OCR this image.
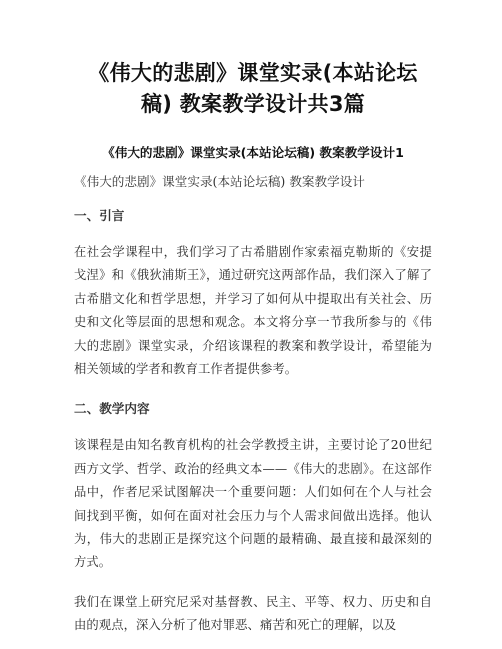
《伟大的悲剧》课堂实录(本站论坛稿) 教案教学设计共3篇
《伟大的悲剧》课堂实录(本站论坛稿) 教案教学设计1

《伟大的悲剧》课堂实录(本站论坛稿) 教案教学设计

一、引言

在社会学课程中，我们学习了古希腊剧作家索福克勒斯的《安提戈涅》和《俄狄浦斯王》，通过研究这两部作品，我们深入了解了古希腊文化和哲学思想，并学习了如何从中提取出有关社会、历史和文化等层面的思想和观念。本文将分享一节我所参与的《伟大的悲剧》课堂实录，介绍该课程的教案和教学设计，希望能为相关领域的学者和教育工作者提供参考。

二、教学内容

该课程是由知名教育机构的社会学教授主讲，主要讨论了20世纪西方文学、哲学、政治的经典文本——《伟大的悲剧》。在这部作品中，作者尼采试图解决一个重要问题：人们如何在个人与社会间找到平衡，如何在面对社会压力与个人需求间做出选择。他认为，伟大的悲剧正是探究这个问题的最精确、最直接和最深刻的方式。

我们在课堂上研究尼采对基督教、民主、平等、权力、历史和自由的观点，深入分析了他对罪恶、痛苦和死亡的理解，以及
